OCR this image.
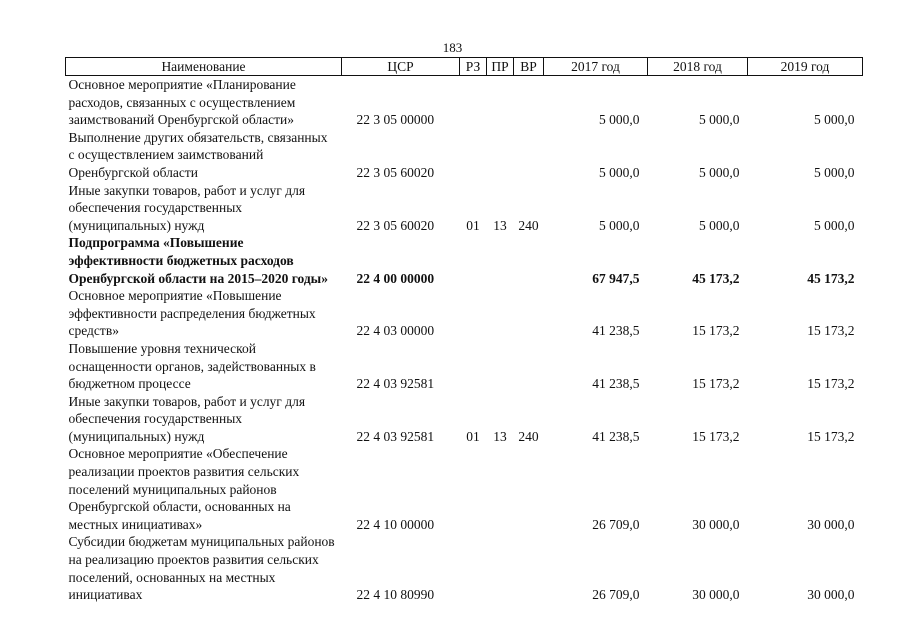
183
Наименование	ЦСР	РЗ	ПР	ВР	2017 год	2018 год	2019 год
Основное мероприятие «Планирование расходов, связанных с осуществлением заимствований Оренбургской области»	22 3 05 00000				5 000,0	5 000,0	5 000,0
Выполнение других обязательств, связанных с осуществлением заимствований Оренбургской области	22 3 05 60020				5 000,0	5 000,0	5 000,0
Иные закупки товаров, работ и услуг для обеспечения государственных (муниципальных) нужд	22 3 05 60020	01	13	240	5 000,0	5 000,0	5 000,0
Подпрограмма «Повышение эффективности бюджетных расходов Оренбургской области на 2015–2020 годы»	22 4 00 00000				67 947,5	45 173,2	45 173,2
Основное мероприятие «Повышение эффективности распределения бюджетных средств»	22 4 03 00000				41 238,5	15 173,2	15 173,2
Повышение уровня технической оснащенности органов, задействованных в бюджетном процессе	22 4 03 92581				41 238,5	15 173,2	15 173,2
Иные закупки товаров, работ и услуг для обеспечения государственных (муниципальных) нужд	22 4 03 92581	01	13	240	41 238,5	15 173,2	15 173,2
Основное мероприятие «Обеспечение реализации проектов развития сельских поселений муниципальных районов Оренбургской области, основанных на местных инициативах»	22 4 10 00000				26 709,0	30 000,0	30 000,0
Субсидии бюджетам муниципальных районов на реализацию проектов развития сельских поселений, основанных на местных инициативах	22 4 10 80990				26 709,0	30 000,0	30 000,0
